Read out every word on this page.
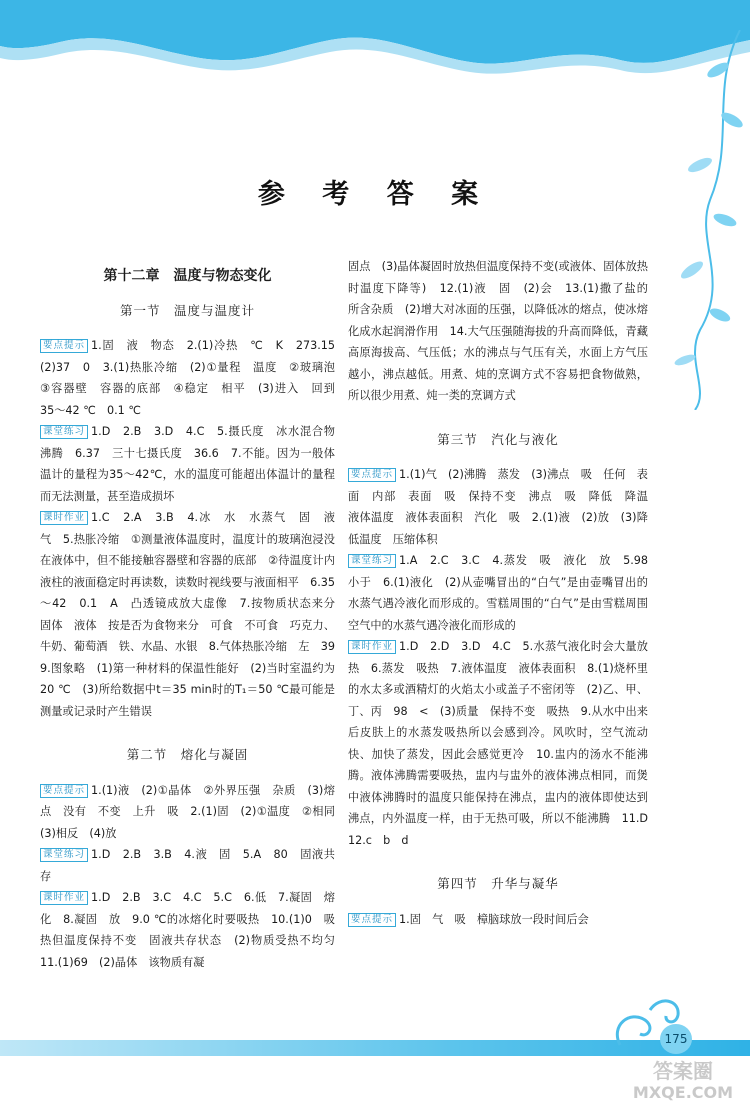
参 考 答 案
第十二章　温度与物态变化
第一节　温度与温度计

要点提示 1.固　液　物态　2.(1)冷热　℃　K　273.15　(2)37　0　3.(1)热胀冷缩　(2)①量程　温度　②玻璃泡　③容器壁　容器的底部　④稳定　相平　(3)进入　回到　35～42 ℃　0.1 ℃

课堂练习 1.D　2.B　3.D　4.C　5.摄氏度　冰水混合物　沸腾　6.37　三十七摄氏度　36.6　7.不能。因为一般体温计的量程为35～42℃，水的温度可能超出体温计的量程而无法测量，甚至造成损坏

课时作业 1.C　2.A　3.B　4.冰　水　水蒸气　固　液　气　5.热胀冷缩　①测量液体温度时，温度计的玻璃泡浸没在液体中，但不能接触容器壁和容器的底部　②待温度计内液柱的液面稳定时再读数，读数时视线要与液面相平　6.35～42　0.1　A　凸透镜成放大虚像　7.按物质状态来分　固体　液体　按是否为食物来分　可食　不可食　巧克力、牛奶、葡萄酒　铁、水晶、水银　8.气体热胀冷缩　左　39　9.图象略　(1)第一种材料的保温性能好　(2)当时室温约为20 ℃　(3)所给数据中t＝35 min时的T₁＝50 ℃最可能是测量或记录时产生错误

第二节　熔化与凝固

要点提示 1.(1)液　(2)①晶体　②外界压强　杂质　(3)熔点　没有　不变　上升　吸　2.(1)固　(2)①温度　②相同　(3)相反　(4)放

课堂练习 1.D　2.B　3.B　4.液　固　5.A　80　固液共存

课时作业 1.D　2.B　3.C　4.C　5.C　6.低　7.凝固　熔化　8.凝固　放　9.0 ℃的冰熔化时要吸热　10.(1)0　吸热但温度保持不变　固液共存状态　(2)物质受热不均匀　11.(1)69　(2)晶体　该物质有凝

固点　(3)晶体凝固时放热但温度保持不变(或液体、固体放热时温度下降等)　12.(1)液　固　(2)会　13.(1)撒了盐的　所含杂质　(2)增大对冰面的压强，以降低冰的熔点，使冰熔化成水起润滑作用　14.大气压强随海拔的升高而降低，青藏高原海拔高、气压低；水的沸点与气压有关，水面上方气压越小，沸点越低。用煮、炖的烹调方式不容易把食物做熟，所以很少用煮、炖一类的烹调方式

第三节　汽化与液化

要点提示 1.(1)气　(2)沸腾　蒸发　(3)沸点　吸　任何　表面　内部　表面　吸　保持不变　沸点　吸　降低　降温　液体温度　液体表面积　汽化　吸　2.(1)液　(2)放　(3)降低温度　压缩体积

课堂练习 1.A　2.C　3.C　4.蒸发　吸　液化　放　5.98　小于　6.(1)液化　(2)从壶嘴冒出的“白气”是由壶嘴冒出的水蒸气遇冷液化而形成的。雪糕周围的“白气”是由雪糕周围空气中的水蒸气遇冷液化而形成的

课时作业 1.D　2.D　3.D　4.C　5.水蒸气液化时会大量放热　6.蒸发　吸热　7.液体温度　液体表面积　8.(1)烧杯里的水太多或酒精灯的火焰太小或盖子不密闭等　(2)乙、甲、丁、丙　98　<　(3)质量　保持不变　吸热　9.从水中出来后皮肤上的水蒸发吸热所以会感到冷。风吹时，空气流动快、加快了蒸发，因此会感觉更冷　10.盅内的汤水不能沸腾。液体沸腾需要吸热，盅内与盅外的液体沸点相同，而煲中液体沸腾时的温度只能保持在沸点，盅内的液体即使达到沸点，内外温度一样，由于无热可吸，所以不能沸腾　11.D　12.c　b　d

第四节　升华与凝华

要点提示 1.固　气　吸　樟脑球放一段时间后会

175
答案圈
MXQE.COM
